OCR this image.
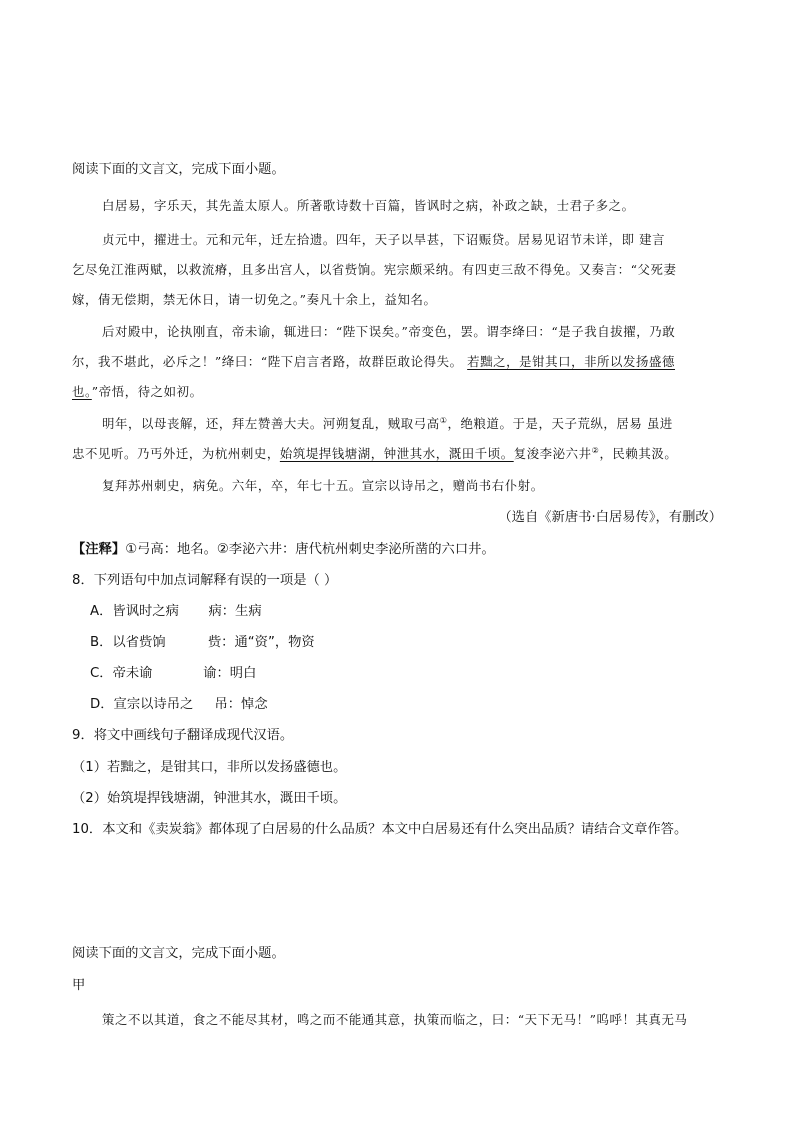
阅读下面的文言文，完成下面小题。
白居易，字乐天，其先盖太原人。所著歌诗数十百篇，皆讽时之病，补政之缺，士君子多之。
贞元中，擢进士。元和元年，迁左拾遗。四年，天子以旱甚，下诏赈贷。居易见诏节未详，即 建言
乞尽免江淮两赋，以救流瘠，且多出宫人，以省赀饷。宪宗颇采纳。有四吏三敌不得免。又奏言：“父死妻
嫁，倩无偿期，禁无休日，请一切免之。”奏凡十余上，益知名。
后对殿中，论执刚直，帝未谕，辄进曰：“陛下误矣。”帝变色，罢。谓李绛曰：“是子我自拔擢，乃敢
尔，我不堪此，必斥之！”绛曰：“陛下启言者路，故群臣敢论得失。 若黜之，是钳其口，非所以发扬盛德
也。”帝悟，待之如初。
明年，以母丧解，还，拜左赞善大夫。河朔复乱，贼取弓高①，绝粮道。于是，天子荒纵，居易 虽进
忠不见听。乃丐外迁，为杭州刺史，始筑堤捍钱塘湖，钟泄其水，溉田千顷。复浚李泌六井②，民赖其汲。
复拜苏州刺史，病免。六年，卒，年七十五。宣宗以诗吊之，赠尚书右仆射。
（选自《新唐书·白居易传》，有删改）
【注释】①弓高：地名。②李泌六井：唐代杭州刺史李泌所凿的六口井。
8．下列语句中加点词解释有误的一项是（ ）
A．皆讽时之病       病：生病
B．以省赀饷          赀：通“资”，物资
C．帝未谕            谕：明白
D．宣宗以诗吊之     吊：悼念
9．将文中画线句子翻译成现代汉语。
（1）若黜之，是钳其口，非所以发扬盛德也。
（2）始筑堤捍钱塘湖，钟泄其水，溉田千顷。
10．本文和《卖炭翁》都体现了白居易的什么品质？本文中白居易还有什么突出品质？请结合文章作答。
阅读下面的文言文，完成下面小题。
甲
策之不以其道，食之不能尽其材，鸣之而不能通其意，执策而临之，曰：“天下无马！”呜呼！其真无马
